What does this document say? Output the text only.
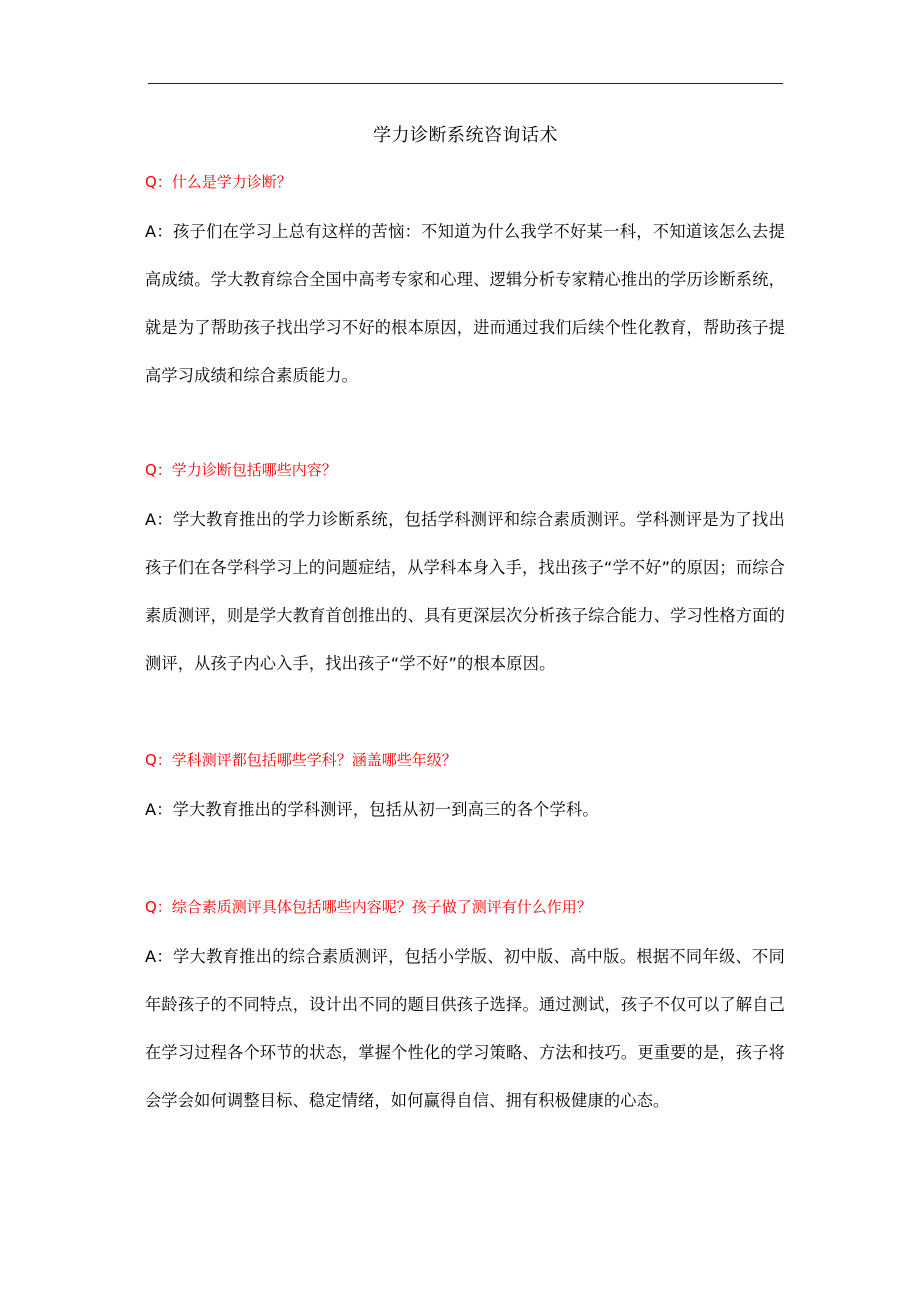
学力诊断系统咨询话术
Q：什么是学力诊断？
A：孩子们在学习上总有这样的苦恼：不知道为什么我学不好某一科，不知道该怎么去提高成绩。学大教育综合全国中高考专家和心理、逻辑分析专家精心推出的学历诊断系统，就是为了帮助孩子找出学习不好的根本原因，进而通过我们后续个性化教育，帮助孩子提高学习成绩和综合素质能力。
Q：学力诊断包括哪些内容？
A：学大教育推出的学力诊断系统，包括学科测评和综合素质测评。学科测评是为了找出孩子们在各学科学习上的问题症结，从学科本身入手，找出孩子“学不好”的原因；而综合素质测评，则是学大教育首创推出的、具有更深层次分析孩子综合能力、学习性格方面的测评，从孩子内心入手，找出孩子“学不好”的根本原因。
Q：学科测评都包括哪些学科？涵盖哪些年级？
A：学大教育推出的学科测评，包括从初一到高三的各个学科。
Q：综合素质测评具体包括哪些内容呢？孩子做了测评有什么作用？
A：学大教育推出的综合素质测评，包括小学版、初中版、高中版。根据不同年级、不同年龄孩子的不同特点，设计出不同的题目供孩子选择。通过测试，孩子不仅可以了解自己在学习过程各个环节的状态，掌握个性化的学习策略、方法和技巧。更重要的是，孩子将会学会如何调整目标、稳定情绪，如何赢得自信、拥有积极健康的心态。
